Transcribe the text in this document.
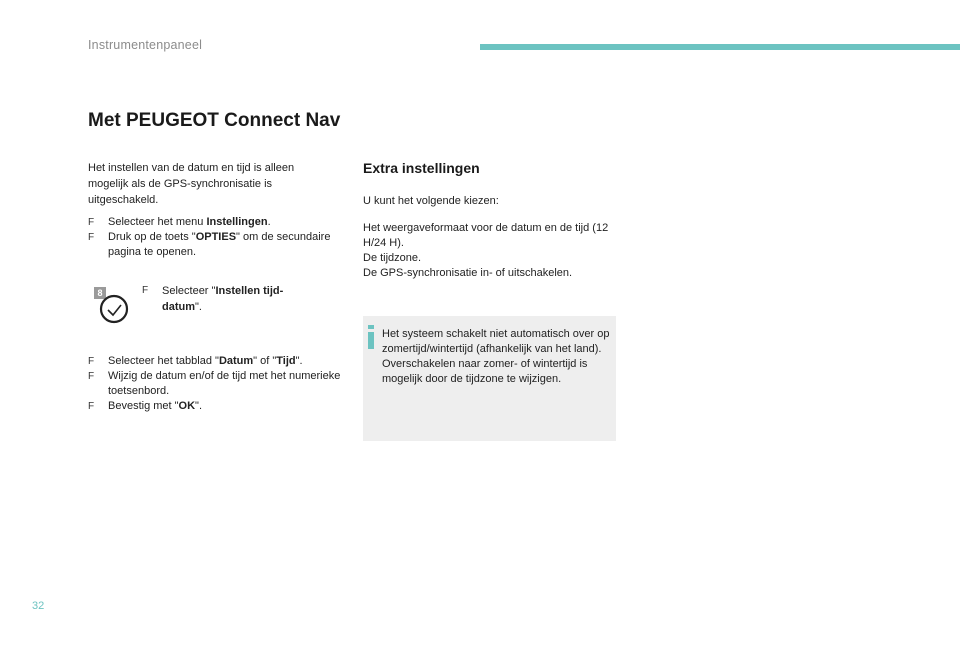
Instrumentenpaneel
Met PEUGEOT Connect Nav
Het instellen van de datum en tijd is alleen mogelijk als de GPS-synchronisatie is uitgeschakeld.
F	Selecteer het menu Instellingen.
F	Druk op de toets "OPTIES" om de secundaire pagina te openen.
8	F	Selecteer "Instellen tijd-datum".
F	Selecteer het tabblad "Datum" of "Tijd".
F	Wijzig de datum en/of de tijd met het numerieke toetsenbord.
F	Bevestig met "OK".
Extra instellingen
U kunt het volgende kiezen:
Het weergaveformaat voor de datum en de tijd (12 H/24 H).
De tijdzone.
De GPS-synchronisatie in- of uitschakelen.
Het systeem schakelt niet automatisch over op zomertijd/wintertijd (afhankelijk van het land).
Overschakelen naar zomer- of wintertijd is mogelijk door de tijdzone te wijzigen.
32
